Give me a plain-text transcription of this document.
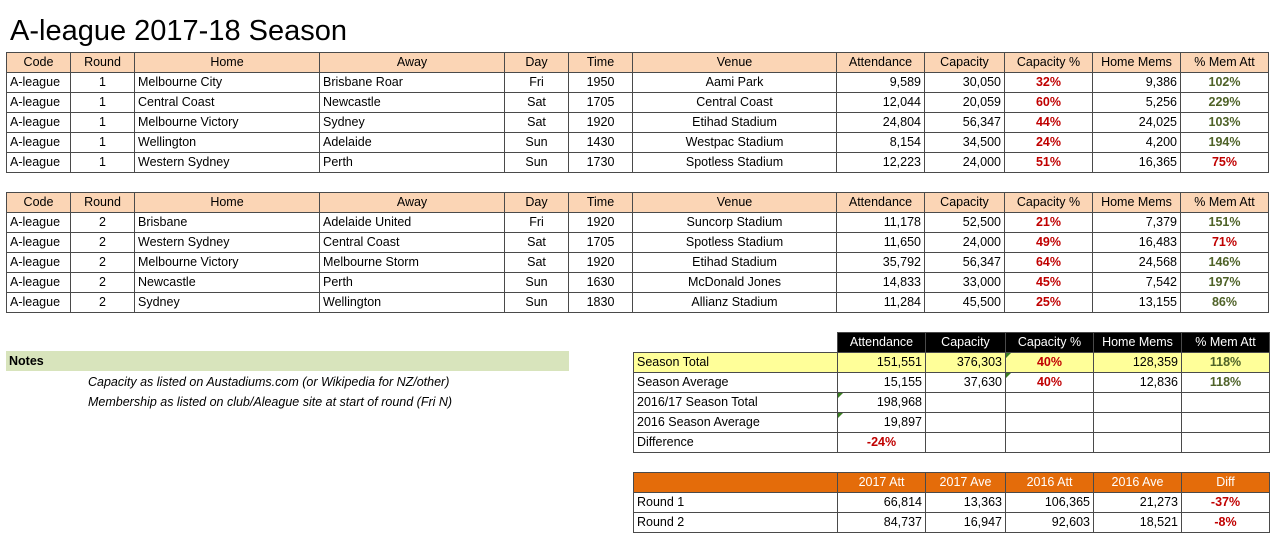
A-league 2017-18 Season
Code	Round	Home	Away	Day	Time	Venue	Attendance	Capacity	Capacity %	Home Mems	% Mem Att
A-league	1	Melbourne City	Brisbane Roar	Fri	1950	Aami Park	9,589	30,050	32%	9,386	102%
A-league	1	Central Coast	Newcastle	Sat	1705	Central Coast	12,044	20,059	60%	5,256	229%
A-league	1	Melbourne Victory	Sydney	Sat	1920	Etihad Stadium	24,804	56,347	44%	24,025	103%
A-league	1	Wellington	Adelaide	Sun	1430	Westpac Stadium	8,154	34,500	24%	4,200	194%
A-league	1	Western Sydney	Perth	Sun	1730	Spotless Stadium	12,223	24,000	51%	16,365	75%
Code	Round	Home	Away	Day	Time	Venue	Attendance	Capacity	Capacity %	Home Mems	% Mem Att
A-league	2	Brisbane	Adelaide United	Fri	1920	Suncorp Stadium	11,178	52,500	21%	7,379	151%
A-league	2	Western Sydney	Central Coast	Sat	1705	Spotless Stadium	11,650	24,000	49%	16,483	71%
A-league	2	Melbourne Victory	Melbourne Storm	Sat	1920	Etihad Stadium	35,792	56,347	64%	24,568	146%
A-league	2	Newcastle	Perth	Sun	1630	McDonald Jones	14,833	33,000	45%	7,542	197%
A-league	2	Sydney	Wellington	Sun	1830	Allianz Stadium	11,284	45,500	25%	13,155	86%
Notes
Capacity as listed on Austadiums.com (or Wikipedia for NZ/other)
Membership as listed on club/Aleague site at start of round (Fri N)
	Attendance	Capacity	Capacity %	Home Mems	% Mem Att
Season Total	151,551	376,303	40%	128,359	118%
Season Average	15,155	37,630	40%	12,836	118%
2016/17 Season Total	198,968				
2016 Season Average	19,897				
Difference	-24%				
	2017 Att	2017 Ave	2016 Att	2016 Ave	Diff
Round 1	66,814	13,363	106,365	21,273	-37%
Round 2	84,737	16,947	92,603	18,521	-8%
